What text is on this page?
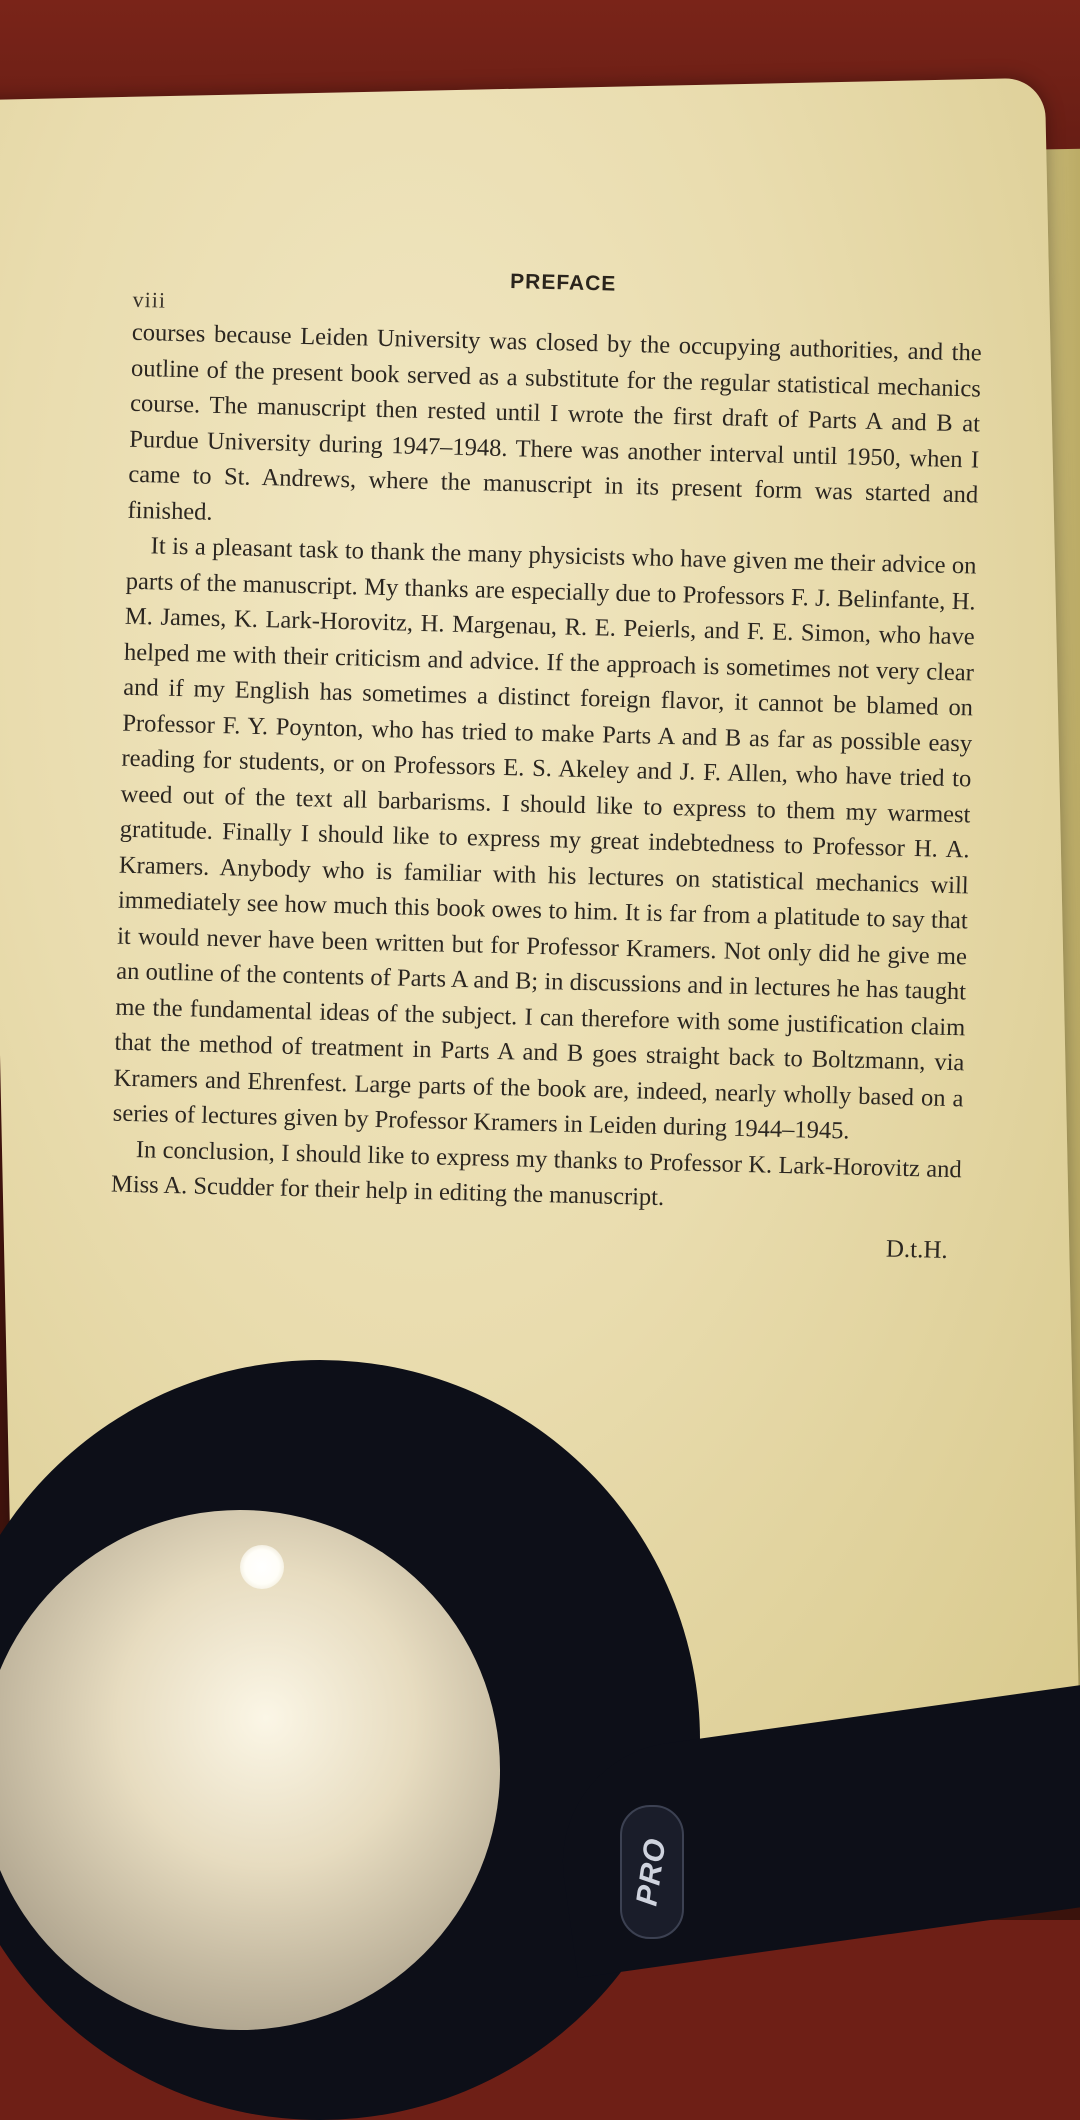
viii
PREFACE

courses because Leiden University was closed by the occupying authorities, and the outline of the present book served as a substitute for the regular statistical mechanics course. The manuscript then rested until I wrote the first draft of Parts A and B at Purdue University during 1947–1948. There was another interval until 1950, when I came to St. Andrews, where the manuscript in its present form was started and finished.

It is a pleasant task to thank the many physicists who have given me their advice on parts of the manuscript. My thanks are especially due to Professors F. J. Belinfante, H. M. James, K. Lark-Horovitz, H. Margenau, R. E. Peierls, and F. E. Simon, who have helped me with their criticism and advice. If the approach is sometimes not very clear and if my English has sometimes a distinct foreign flavor, it cannot be blamed on Professor F. Y. Poynton, who has tried to make Parts A and B as far as possible easy reading for students, or on Professors E. S. Akeley and J. F. Allen, who have tried to weed out of the text all barbarisms. I should like to express to them my warmest gratitude. Finally I should like to express my great indebtedness to Professor H. A. Kramers. Anybody who is familiar with his lectures on statistical mechanics will immediately see how much this book owes to him. It is far from a platitude to say that it would never have been written but for Professor Kramers. Not only did he give me an outline of the contents of Parts A and B; in discussions and in lectures he has taught me the fundamental ideas of the subject. I can therefore with some justification claim that the method of treatment in Parts A and B goes straight back to Boltzmann, via Kramers and Ehrenfest. Large parts of the book are, indeed, nearly wholly based on a series of lectures given by Professor Kramers in Leiden during 1944–1945.

In conclusion, I should like to express my thanks to Professor K. Lark-Horovitz and Miss A. Scudder for their help in editing the manuscript.

D.t.H.
PRO
